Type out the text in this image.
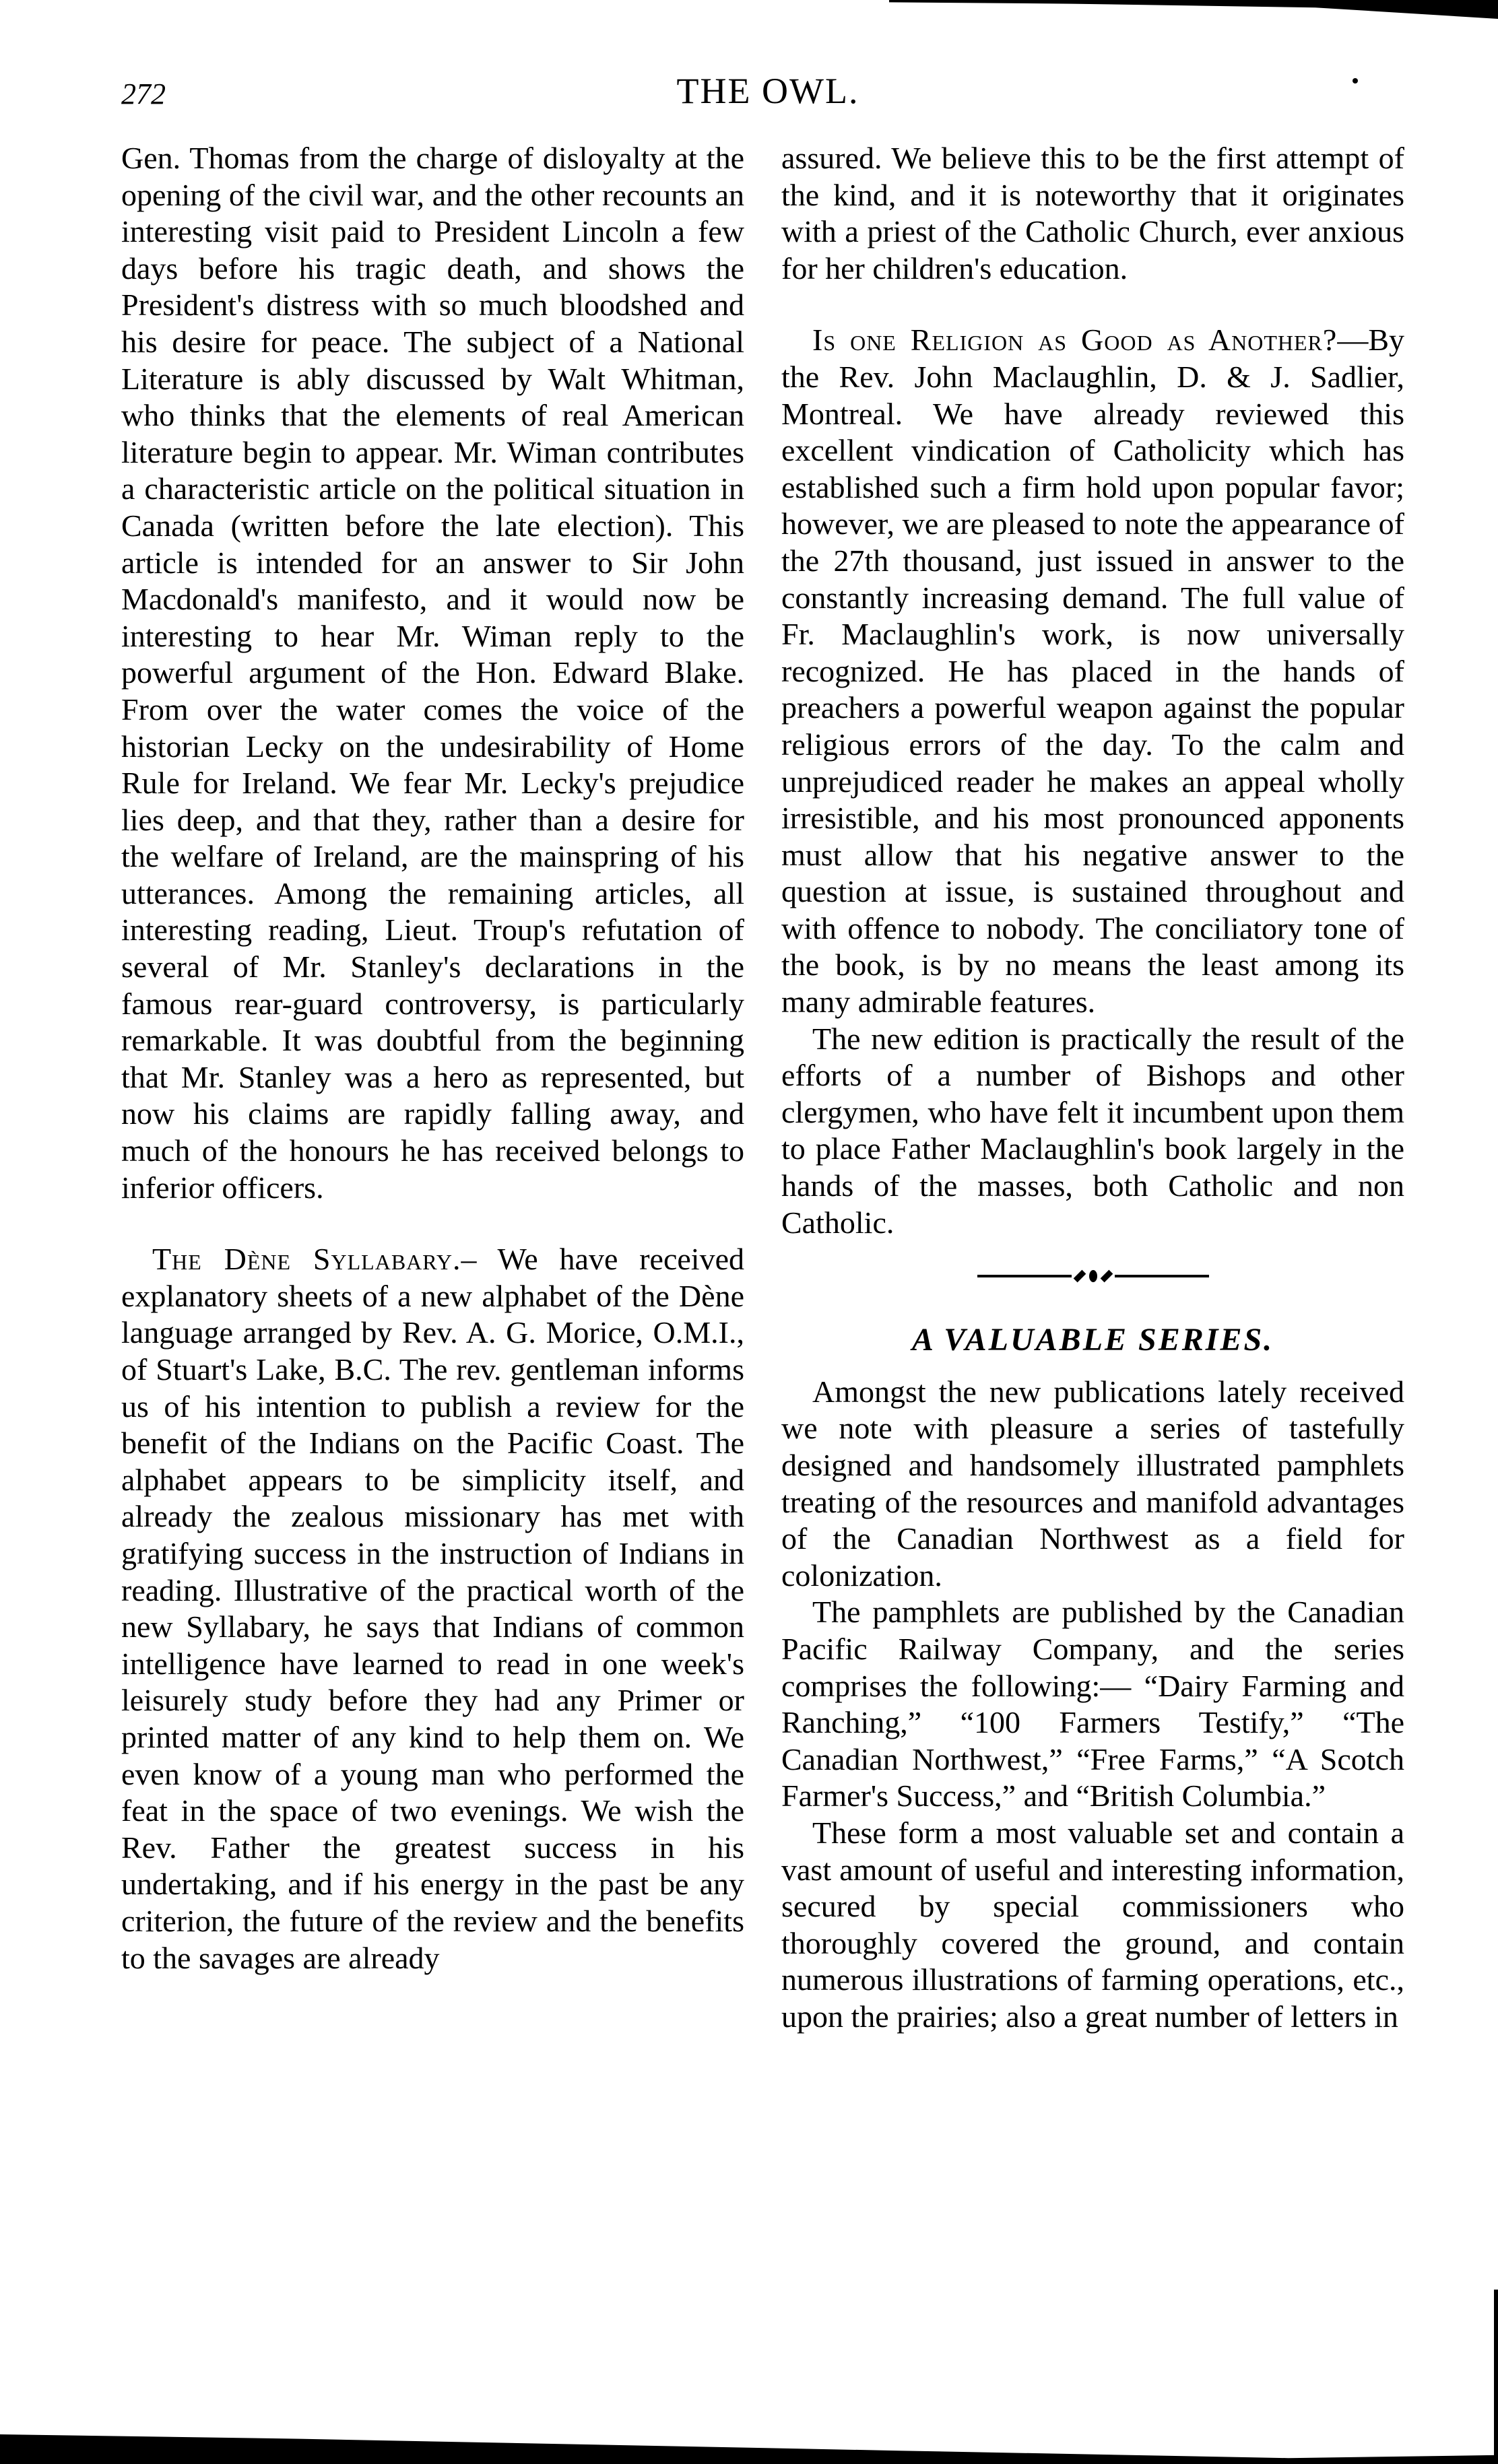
272	THE OWL.

Gen. Thomas from the charge of disloyalty at the opening of the civil war, and the other recounts an interesting visit paid to President Lincoln a few days before his tragic death, and shows the President's distress with so much bloodshed and his desire for peace. The subject of a National Literature is ably discussed by Walt Whitman, who thinks that the elements of real American literature begin to appear. Mr. Wiman contributes a characteristic article on the political situation in Canada (written before the late election). This article is intended for an answer to Sir John Macdonald's manifesto, and it would now be interesting to hear Mr. Wiman reply to the powerful argument of the Hon. Edward Blake. From over the water comes the voice of the historian Lecky on the undesirability of Home Rule for Ireland. We fear Mr. Lecky's prejudice lies deep, and that they, rather than a desire for the welfare of Ireland, are the mainspring of his utterances. Among the remaining articles, all interesting reading, Lieut. Troup's refutation of several of Mr. Stanley's declarations in the famous rear-guard controversy, is particularly remarkable. It was doubtful from the beginning that Mr. Stanley was a hero as represented, but now his claims are rapidly falling away, and much of the honours he has received belongs to inferior officers.

The Dène Syllabary.– We have received explanatory sheets of a new alphabet of the Dène language arranged by Rev. A. G. Morice, O.M.I., of Stuart's Lake, B.C. The rev. gentleman informs us of his intention to publish a review for the benefit of the Indians on the Pacific Coast. The alphabet appears to be simplicity itself, and already the zealous missionary has met with gratifying success in the instruction of Indians in reading. Illustrative of the practical worth of the new Syllabary, he says that Indians of common intelligence have learned to read in one week's leisurely study before they had any Primer or printed matter of any kind to help them on. We even know of a young man who performed the feat in the space of two evenings. We wish the Rev. Father the greatest success in his undertaking, and if his energy in the past be any criterion, the future of the review and the benefits to the savages are already

assured. We believe this to be the first attempt of the kind, and it is noteworthy that it originates with a priest of the Catholic Church, ever anxious for her children's education.

Is one Religion as Good as Another?—By the Rev. John Maclaughlin, D. & J. Sadlier, Montreal. We have already reviewed this excellent vindication of Catholicity which has established such a firm hold upon popular favor; however, we are pleased to note the appearance of the 27th thousand, just issued in answer to the constantly increasing demand. The full value of Fr. Maclaughlin's work, is now universally recognized. He has placed in the hands of preachers a powerful weapon against the popular religious errors of the day. To the calm and unprejudiced reader he makes an appeal wholly irresistible, and his most pronounced apponents must allow that his negative answer to the question at issue, is sustained throughout and with offence to nobody. The conciliatory tone of the book, is by no means the least among its many admirable features.

The new edition is practically the result of the efforts of a number of Bishops and other clergymen, who have felt it incumbent upon them to place Father Maclaughlin's book largely in the hands of the masses, both Catholic and non Catholic.

A VALUABLE SERIES.

Amongst the new publications lately received we note with pleasure a series of tastefully designed and handsomely illustrated pamphlets treating of the resources and manifold advantages of the Canadian Northwest as a field for colonization.

The pamphlets are published by the Canadian Pacific Railway Company, and the series comprises the following:— “Dairy Farming and Ranching,” “100 Farmers Testify,” “The Canadian Northwest,” “Free Farms,” “A Scotch Farmer's Success,” and “British Columbia.”

These form a most valuable set and contain a vast amount of useful and interesting information, secured by special commissioners who thoroughly covered the ground, and contain numerous illustrations of farming operations, etc., upon the prairies; also a great number of letters in
